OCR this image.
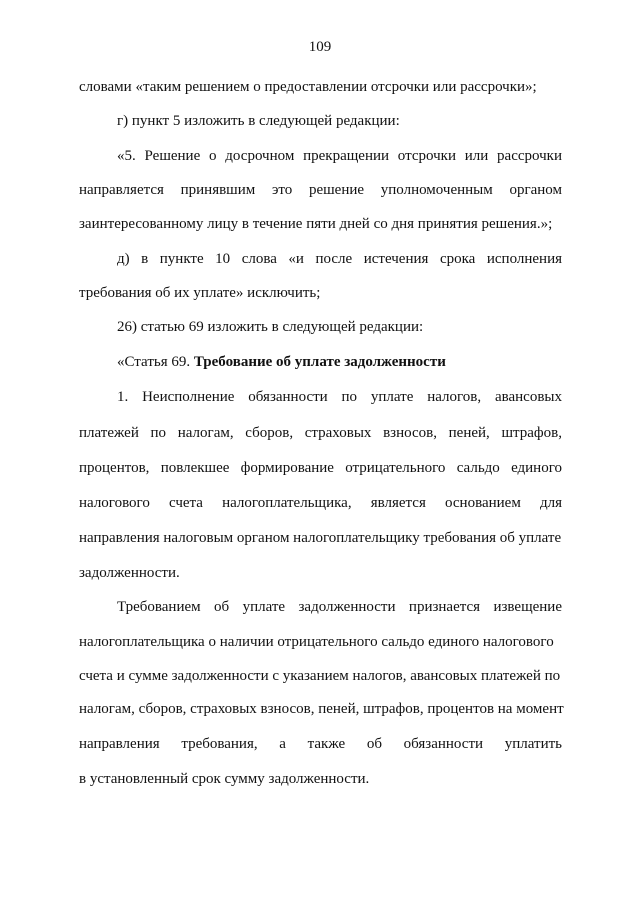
109
словами «таким решением о предоставлении отсрочки или рассрочки»;
г) пункт 5 изложить в следующей редакции:
«5. Решение о досрочном прекращении отсрочки или рассрочки
направляется принявшим это решение уполномоченным органом
заинтересованному лицу в течение пяти дней со дня принятия решения.»;
д) в пункте 10 слова «и после истечения срока исполнения
требования об их уплате» исключить;
26) статью 69 изложить в следующей редакции:
«Статья 69. Требование об уплате задолженности
1. Неисполнение обязанности по уплате налогов, авансовых
платежей по налогам, сборов, страховых взносов, пеней, штрафов,
процентов, повлекшее формирование отрицательного сальдо единого
налогового счета налогоплательщика, является основанием для
направления налоговым органом налогоплательщику требования об уплате
задолженности.
Требованием об уплате задолженности признается извещение
налогоплательщика о наличии отрицательного сальдо единого налогового
счета и сумме задолженности с указанием налогов, авансовых платежей по
налогам, сборов, страховых взносов, пеней, штрафов, процентов на момент
направления требования, а также об обязанности уплатить
в установленный срок сумму задолженности.
